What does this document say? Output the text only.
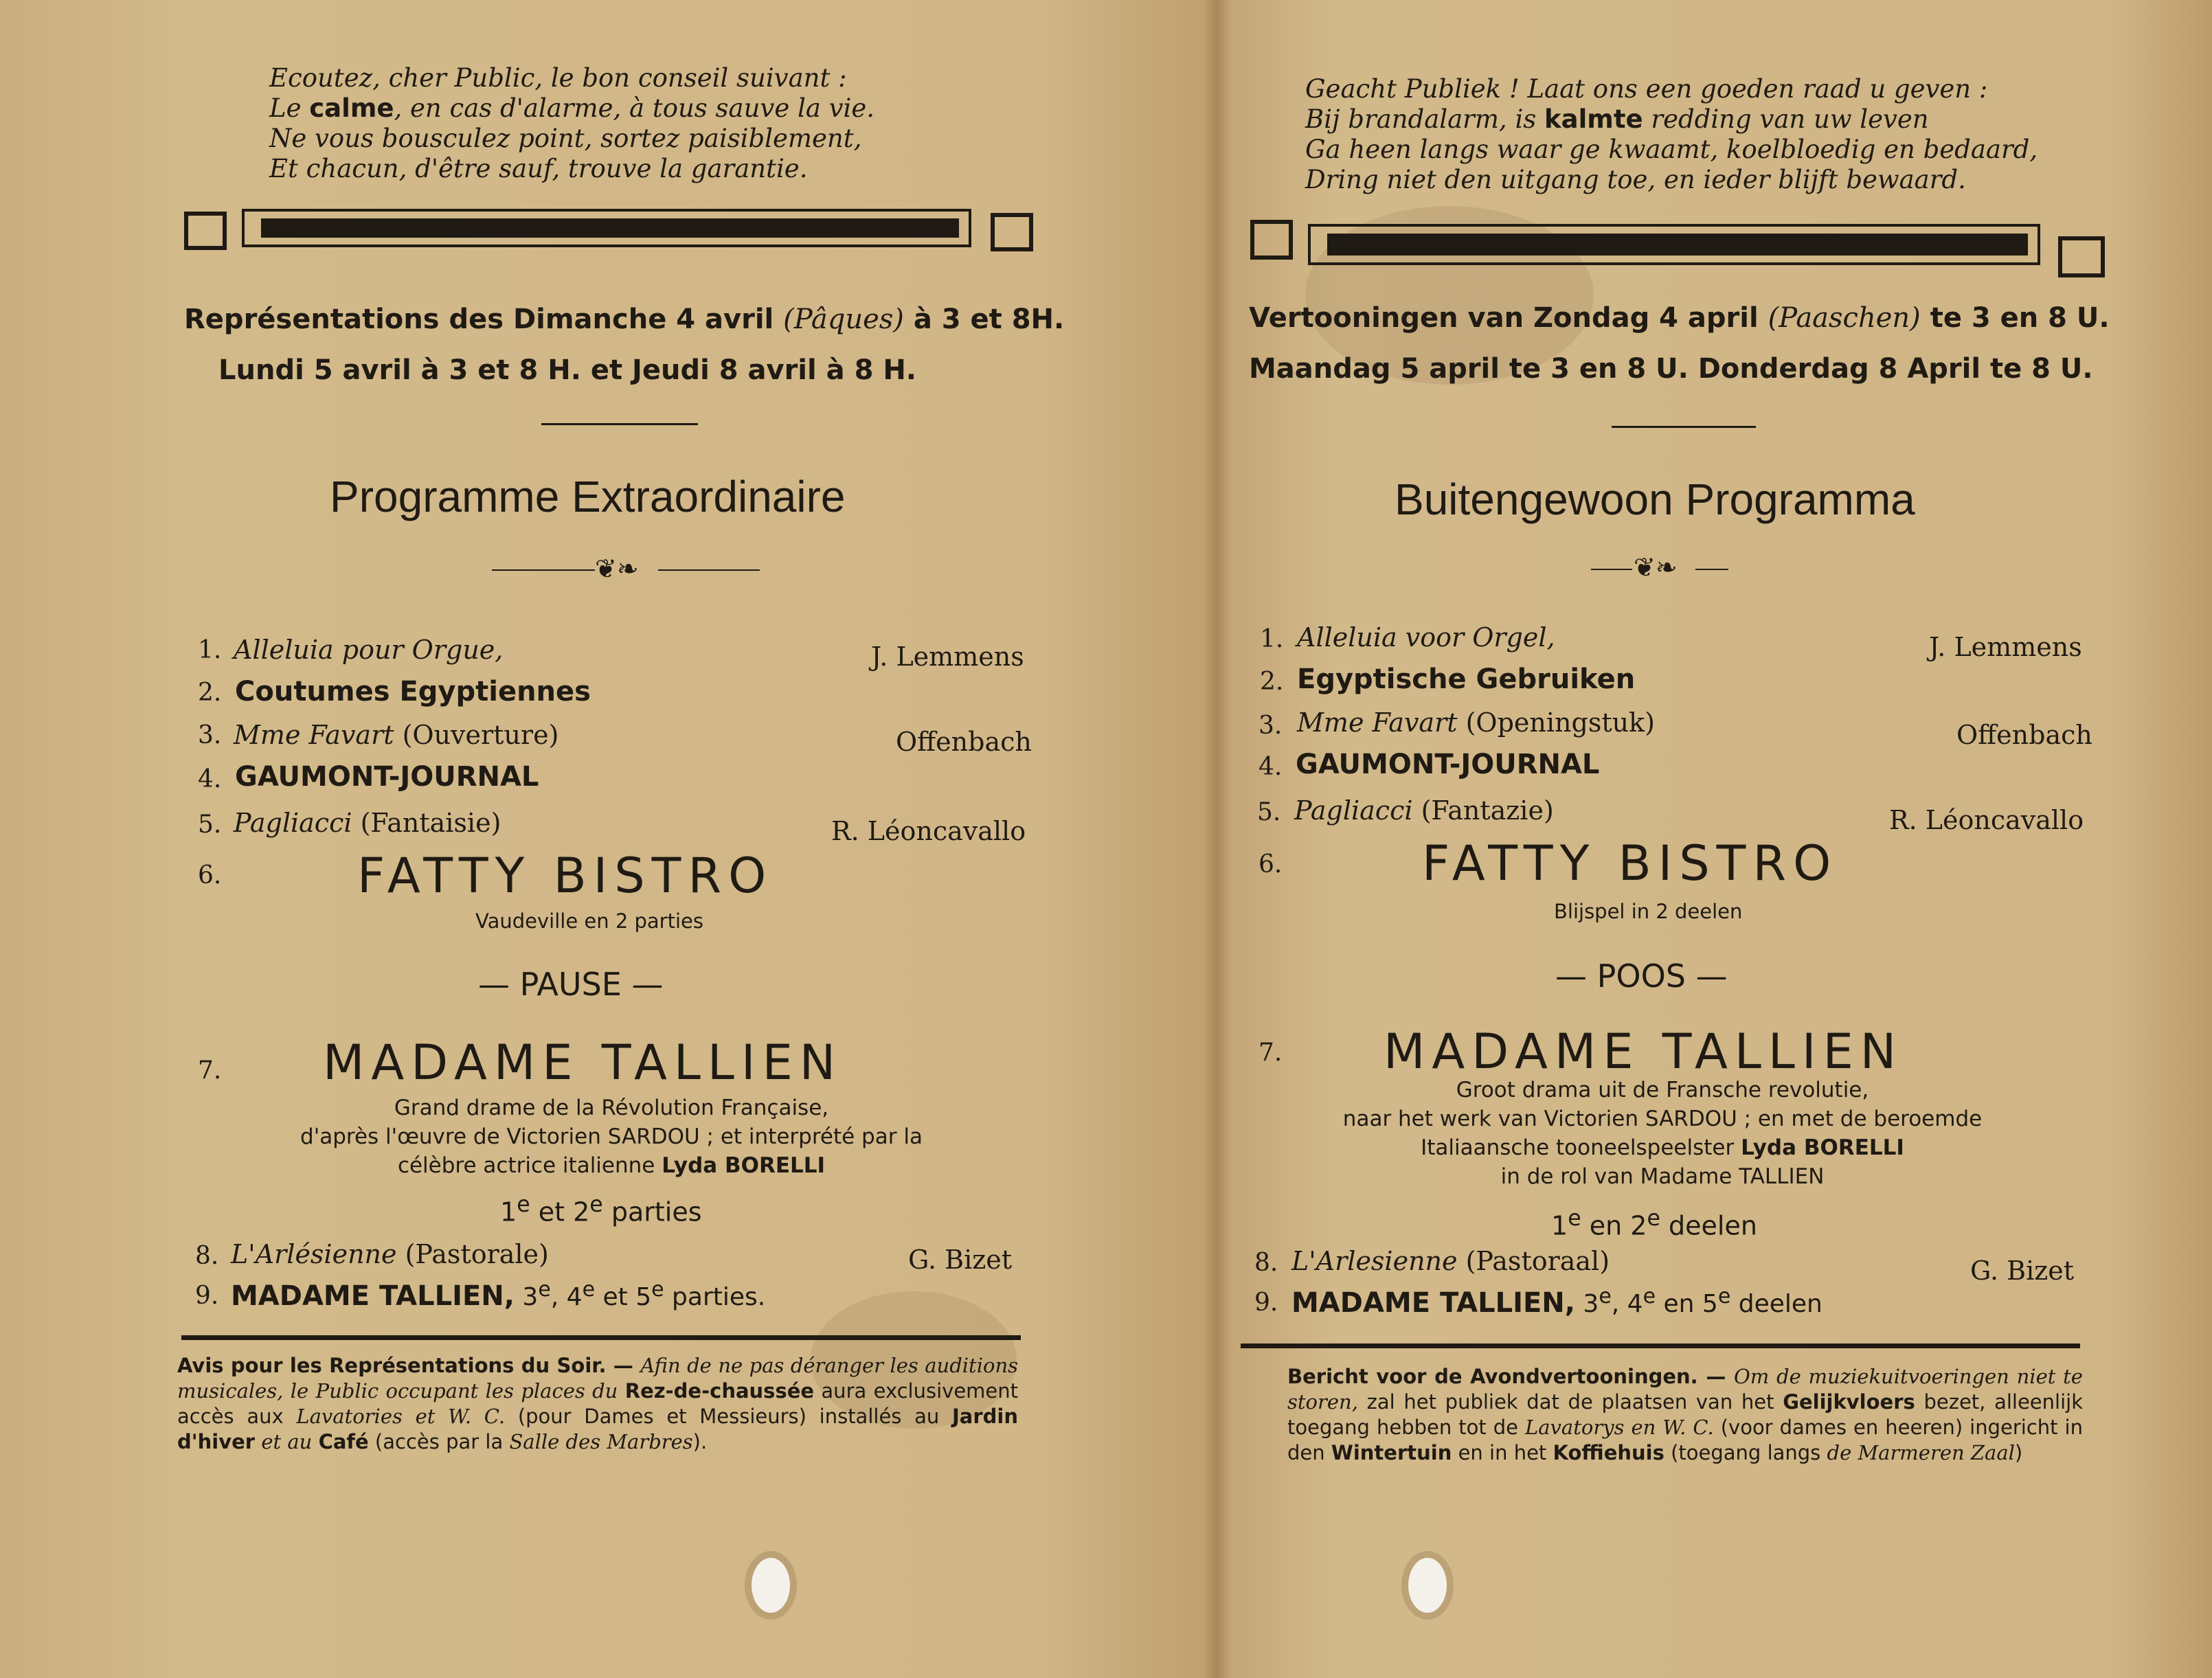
Ecoutez, cher Public, le bon conseil suivant :
Le calme, en cas d'alarme, à tous sauve la vie.
Ne vous bousculez point, sortez paisiblement,
Et chacun, d'être sauf, trouve la garantie.
Représentations des Dimanche 4 avril (Pâques) à 3 et 8H.
Lundi 5 avril à 3 et 8 H. et Jeudi 8 avril à 8 H.
Programme Extraordinaire
❦❧
1. Alleluia pour Orgue,	J. Lemmens
2. Coutumes Egyptiennes
3. Mme Favart (Ouverture)	Offenbach
4. GAUMONT-JOURNAL
5. Pagliacci (Fantaisie)	R. Léoncavallo
6.	FATTY BISTRO
Vaudeville en 2 parties
— PAUSE —
7. MADAME TALLIEN
Grand drame de la Révolution Française,
d'après l'œuvre de Victorien SARDOU ; et interprété par la
célèbre actrice italienne Lyda BORELLI
1e et 2e parties
8. L'Arlésienne (Pastorale)	G. Bizet
9. MADAME TALLIEN, 3e, 4e et 5e parties.
Avis pour les Représentations du Soir. — Afin de ne pas déranger les auditions musicales, le Public occupant les places du Rez-de-chaussée aura exclusivement accès aux Lavatories et W. C. (pour Dames et Messieurs) installés au Jardin d'hiver et au Café (accès par la Salle des Marbres).
Geacht Publiek ! Laat ons een goeden raad u geven :
Bij brandalarm, is kalmte redding van uw leven
Ga heen langs waar ge kwaamt, koelbloedig en bedaard,
Dring niet den uitgang toe, en ieder blijft bewaard.
Vertooningen van Zondag 4 april (Paaschen) te 3 en 8 U.
Maandag 5 april te 3 en 8 U. Donderdag 8 April te 8 U.
Buitengewoon Programma
❦❧
1. Alleluia voor Orgel,	J. Lemmens
2. Egyptische Gebruiken
3. Mme Favart (Openingstuk)	Offenbach
4. GAUMONT-JOURNAL
5. Pagliacci (Fantazie)	R. Léoncavallo
6.	FATTY BISTRO
Blijspel in 2 deelen
— POOS —
7. MADAME TALLIEN
Groot drama uit de Fransche revolutie,
naar het werk van Victorien SARDOU ; en met de beroemde
Italiaansche tooneelspeelster Lyda BORELLI
in de rol van Madame TALLIEN
1e en 2e deelen
8. L'Arlesienne (Pastoraal)	G. Bizet
9. MADAME TALLIEN, 3e, 4e en 5e deelen
Bericht voor de Avondvertooningen. — Om de muziekuitvoeringen niet te storen, zal het publiek dat de plaatsen van het Gelijkvloers bezet, alleenlijk toegang hebben tot de Lavatorys en W. C. (voor dames en heeren) ingericht in den Wintertuin en in het Koffiehuis (toegang langs de Marmeren Zaal)
